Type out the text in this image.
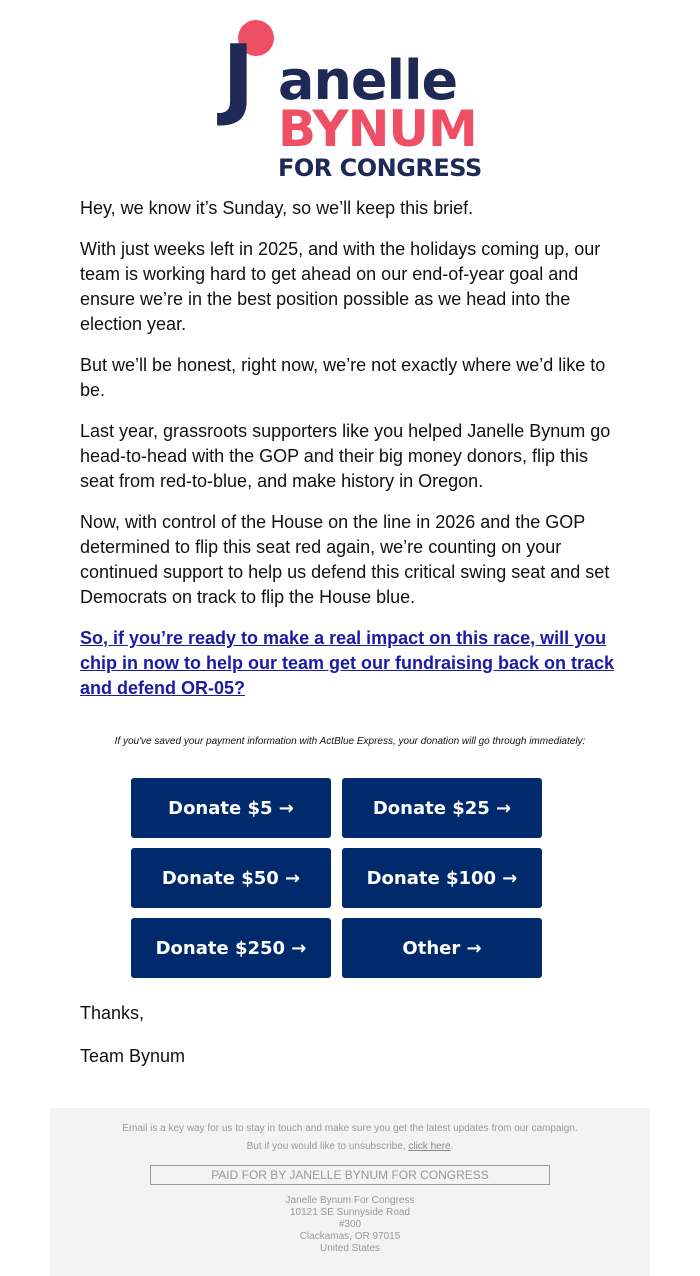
J anelle
BYNUM
FOR CONGRESS

Hey, we know it’s Sunday, so we’ll keep this brief.

With just weeks left in 2025, and with the holidays coming up, our team is working hard to get ahead on our end-of-year goal and ensure we’re in the best position possible as we head into the election year.

But we’ll be honest, right now, we’re not exactly where we’d like to be.

Last year, grassroots supporters like you helped Janelle Bynum go head-to-head with the GOP and their big money donors, flip this seat from red-to-blue, and make history in Oregon.

Now, with control of the House on the line in 2026 and the GOP determined to flip this seat red again, we’re counting on your continued support to help us defend this critical swing seat and set Democrats on track to flip the House blue.

So, if you’re ready to make a real impact on this race, will you chip in now to help our team get our fundraising back on track and defend OR-05?
If you've saved your payment information with ActBlue Express, your donation will go through immediately:
Donate $5 →	Donate $25 →
Donate $50 →	Donate $100 →
Donate $250 →	Other →
Thanks,
Team Bynum
Email is a key way for us to stay in touch and make sure you get the latest updates from our campaign.
But if you would like to unsubscribe, click here.
PAID FOR BY JANELLE BYNUM FOR CONGRESS
Janelle Bynum For Congress
10121 SE Sunnyside Road
#300
Clackamas, OR 97015
United States
